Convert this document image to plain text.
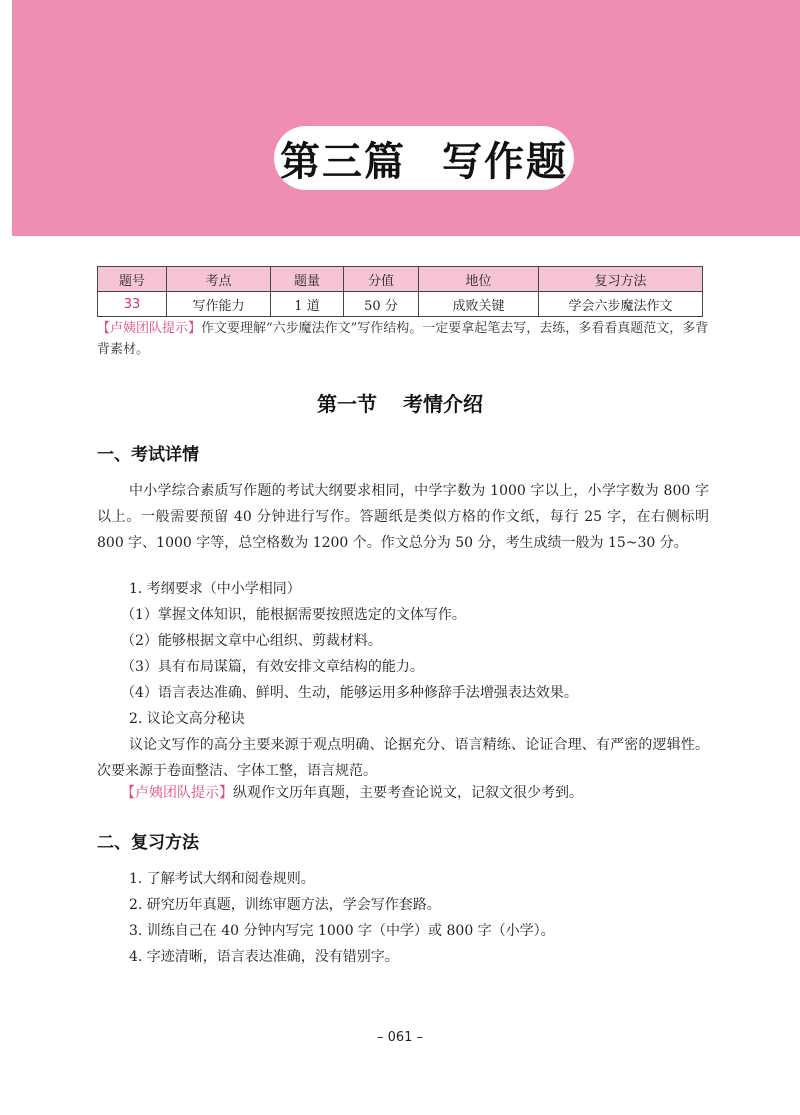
第三篇 写作题
题号	考点	题量	分值	地位	复习方法
33	写作能力	1 道	50 分	成败关键	学会六步魔法作文
【卢姨团队提示】作文要理解“六步魔法作文”写作结构。一定要拿起笔去写，去练，多看看真题范文，多背背素材。
第一节 考情介绍
一、考试详情
中小学综合素质写作题的考试大纲要求相同，中学字数为 1000 字以上，小学字数为 800 字以上。一般需要预留 40 分钟进行写作。答题纸是类似方格的作文纸，每行 25 字，在右侧标明 800 字、1000 字等，总空格数为 1200 个。作文总分为 50 分，考生成绩一般为 15~30 分。
1. 考纲要求（中小学相同）
（1）掌握文体知识，能根据需要按照选定的文体写作。
（2）能够根据文章中心组织、剪裁材料。
（3）具有布局谋篇，有效安排文章结构的能力。
（4）语言表达准确、鲜明、生动，能够运用多种修辞手法增强表达效果。
2. 议论文高分秘诀
议论文写作的高分主要来源于观点明确、论据充分、语言精练、论证合理、有严密的逻辑性。次要来源于卷面整洁、字体工整，语言规范。
【卢姨团队提示】纵观作文历年真题，主要考查论说文，记叙文很少考到。
二、复习方法
1. 了解考试大纲和阅卷规则。
2. 研究历年真题，训练审题方法，学会写作套路。
3. 训练自己在 40 分钟内写完 1000 字（中学）或 800 字（小学）。
4. 字迹清晰，语言表达准确，没有错别字。
– 061 –
